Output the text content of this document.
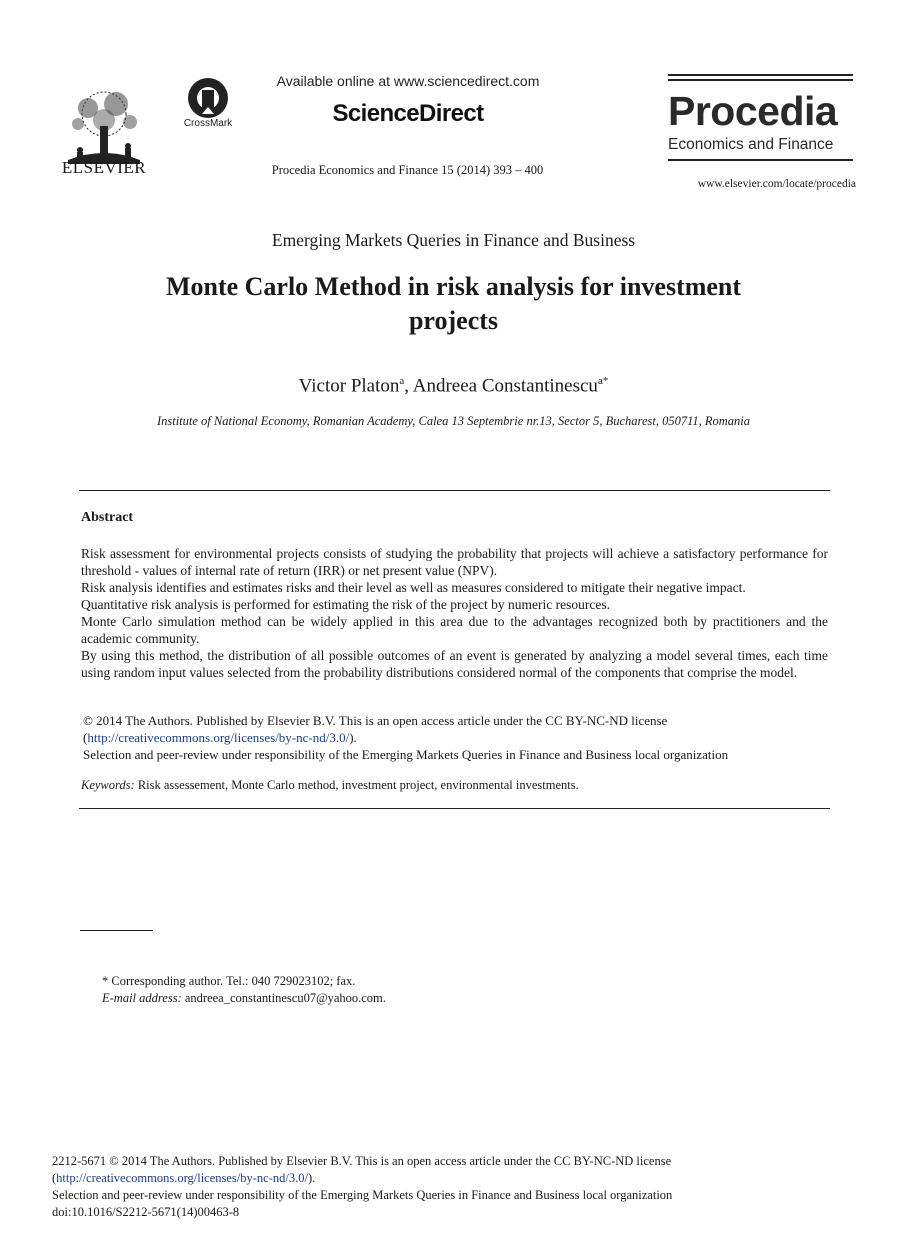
ELSEVIER
CrossMark
Available online at www.sciencedirect.com
ScienceDirect
Procedia Economics and Finance 15 (2014) 393 – 400
Procedia
Economics and Finance
www.elsevier.com/locate/procedia
Emerging Markets Queries in Finance and Business
Monte Carlo Method in risk analysis for investment projects
Victor Platon$^a$, Andreea Constantinescu$^{a*}$
Institute of National Economy, Romanian Academy, Calea 13 Septembrie nr.13, Sector 5, Bucharest, 050711, Romania
Abstract

Risk assessment for environmental projects consists of studying the probability that projects will achieve a satisfactory performance for threshold - values of internal rate of return (IRR) or net present value (NPV).

Risk analysis identifies and estimates risks and their level as well as measures considered to mitigate their negative impact.

Quantitative risk analysis is performed for estimating the risk of the project by numeric resources.

Monte Carlo simulation method can be widely applied in this area due to the advantages recognized both by practitioners and the academic community.

By using this method, the distribution of all possible outcomes of an event is generated by analyzing a model several times, each time using random input values selected from the probability distributions considered normal of the components that comprise the model.

© 2014 The Authors. Published by Elsevier B.V. This is an open access article under the CC BY-NC-ND license

(http://creativecommons.org/licenses/by-nc-nd/3.0/).

Selection and peer-review under responsibility of the Emerging Markets Queries in Finance and Business local organization

Keywords: Risk assessement, Monte Carlo method, investment project, environmental investments.

* Corresponding author. Tel.: 040 729023102; fax.

E-mail address: andreea_constantinescu07@yahoo.com.

2212-5671 © 2014 The Authors. Published by Elsevier B.V. This is an open access article under the CC BY-NC-ND license

(http://creativecommons.org/licenses/by-nc-nd/3.0/).

Selection and peer-review under responsibility of the Emerging Markets Queries in Finance and Business local organization

doi:10.1016/S2212-5671(14)00463-8
